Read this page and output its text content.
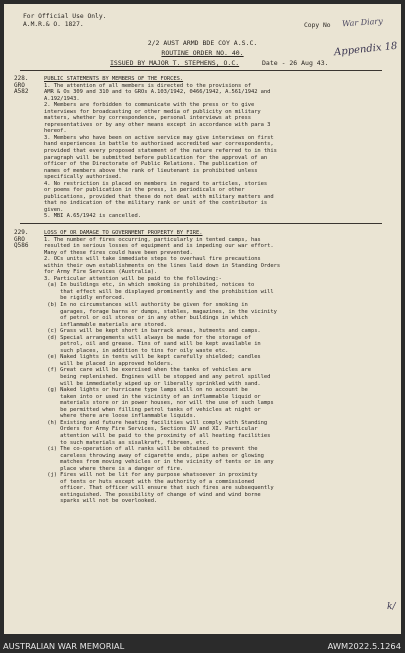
For Official Use Only.
A.M.R.& O. 1827.	Copy No War Diary
Appendix 18
2/2 AUST ARMD BDE COY A.S.C.
ROUTINE ORDER NO. 40.
ISSUED BY MAJOR T. STEPHENS, O.C.	Date - 26 Aug 43.
228.
GRO
A582
PUBLIC STATEMENTS BY MEMBERS OF THE FORCES.
1. The attention of all members is directed to the provisions of
AMR & Os 309 and 310 and to GROs A.103/1942, 0466/1942, A.561/1942 and
A.192/1943.
2. Members are forbidden to communicate with the press or to give
interviews for broadcasting or other media of publicity on military
matters, whether by correspondence, personal interviews at press
representatives or by any other means except in accordance with para 3
hereof.
3. Members who have been on active service may give interviews on first
hand experiences in battle to authorised accredited war correspondents,
provided that every proposed statement of the nature referred to in this
paragraph will be submitted before publication for the approval of an
officer of the Directorate of Public Relations. The publication of
names of members above the rank of lieutenant is prohibited unless
specifically authorised.
4. No restriction is placed on members in regard to articles, stories
or poems for publication in the press, in periodicals or other
publications, provided that these do not deal with military matters and
that no indication of the military rank or unit of the contributor is
given.
5. MBI A.65/1942 is cancelled.
229.
GRO
Q586
LOSS OF OR DAMAGE TO GOVERNMENT PROPERTY BY FIRE.
1. The number of fires occurring, particularly in tented camps, has
resulted in serious losses of equipment and is impeding our war effort.
Many of these fires could have been prevented.
2. OCs units will take immediate steps to overhaul fire precautions
within their own establishments on the lines laid down in Standing Orders
for Army Fire Services (Australia).
3. Particular attention will be paid to the following:-
(a) In buildings etc, in which smoking is prohibited, notices to
that effect will be displayed prominently and the prohibition will
be rigidly enforced.
(b) In no circumstances will authority be given for smoking in
garages, forage barns or dumps, stables, magazines, in the vicinity
of petrol or oil stores or in any other buildings in which
inflammable materials are stored.
(c) Grass will be kept short in barrack areas, hutments and camps.
(d) Special arrangements will always be made for the storage of
petrol, oil and grease. Tins of sand will be kept available in
such places, in addition to tins for oily waste etc.
(e) Naked lights in tents will be kept carefully shielded; candles
will be placed in approved holders.
(f) Great care will be exercised when the tanks of vehicles are
being replenished. Engines will be stopped and any petrol spilled
will be immediately wiped up or liberally sprinkled with sand.
(g) Naked lights or hurricane type lamps will on no account be
taken into or used in the vicinity of an inflammable liquid or
materials store or in power houses, nor will the use of such lamps
be permitted when filling petrol tanks of vehicles at night or
where there are loose inflammable liquids.
(h) Existing and future heating facilities will comply with Standing
Orders for Army Fire Services, Sections IV and XI. Particular
attention will be paid to the proximity of all heating facilities
to such materials as sisalkraft, fibreen, etc.
(i) The co-operation of all ranks will be obtained to prevent the
careless throwing away of cigarette ends, pipe ashes or glowing
matches from moving vehicles or in the vicinity of tents or in any
place where there is a danger of fire.
(j) Fires will not be lit for any purpose whatsoever in proximity
of tents or huts except with the authority of a commissioned
officer. That officer will ensure that such fires are subsequently
extinguished. The possibility of change of wind and wind borne
sparks will not be overlooked.
k/
AUSTRALIAN WAR MEMORIAL	AWM2022.5.1264
